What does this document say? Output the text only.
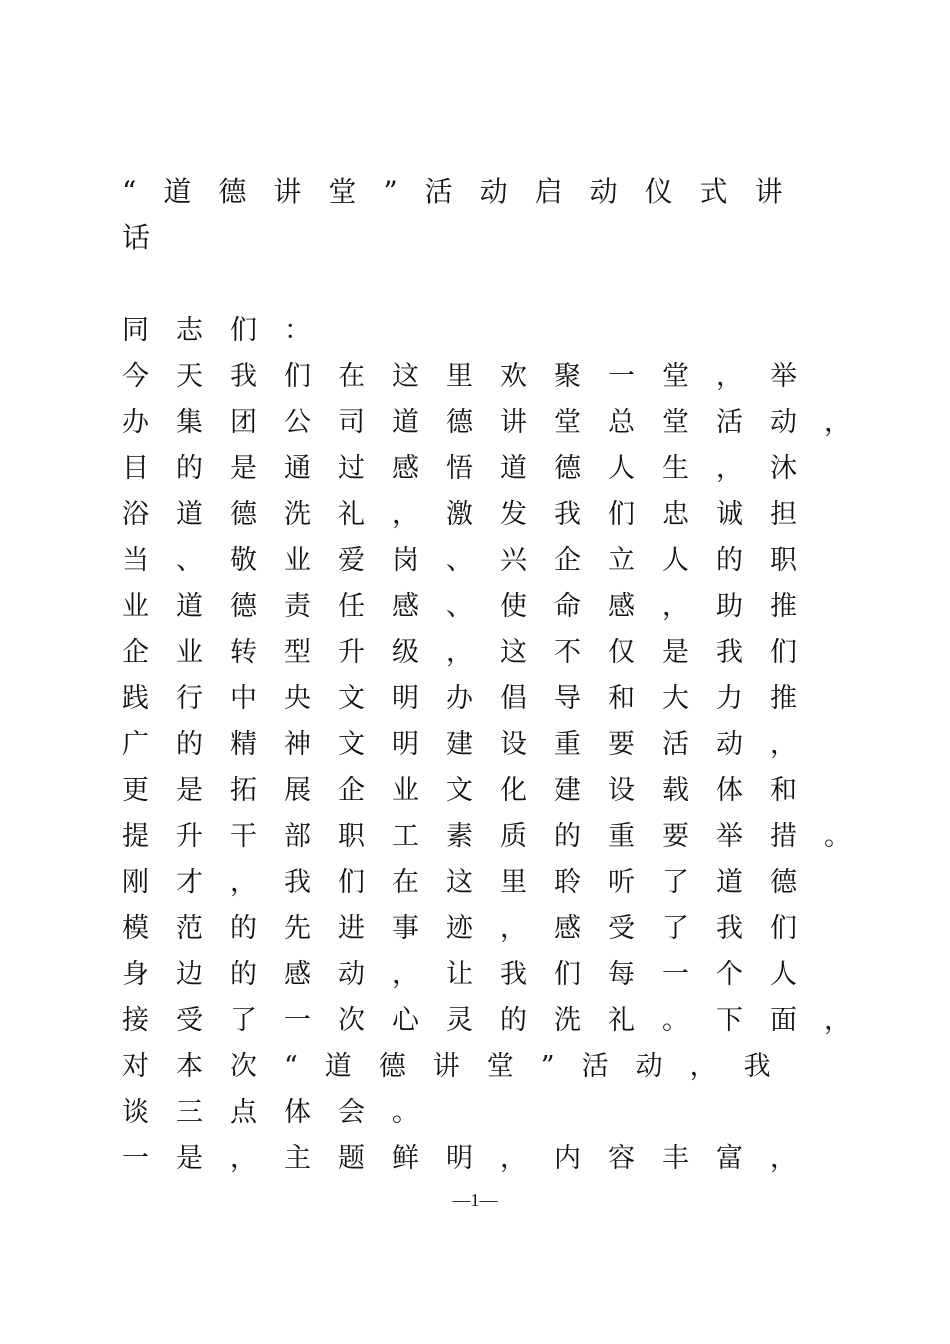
“道德讲堂”活动启动仪式讲
话
同志们：
今天我们在这里欢聚一堂，举
办集团公司道德讲堂总堂活动，
目的是通过感悟道德人生，沐
浴道德洗礼，激发我们忠诚担
当、敬业爱岗、兴企立人的职
业道德责任感、使命感，助推
企业转型升级，这不仅是我们
践行中央文明办倡导和大力推
广的精神文明建设重要活动，
更是拓展企业文化建设载体和
提升干部职工素质的重要举措。
刚才，我们在这里聆听了道德
模范的先进事迹，感受了我们
身边的感动，让我们每一个人
接受了一次心灵的洗礼。下面，
对本次“道德讲堂”活动，我
谈三点体会。
一是，主题鲜明，内容丰富，
—1—
